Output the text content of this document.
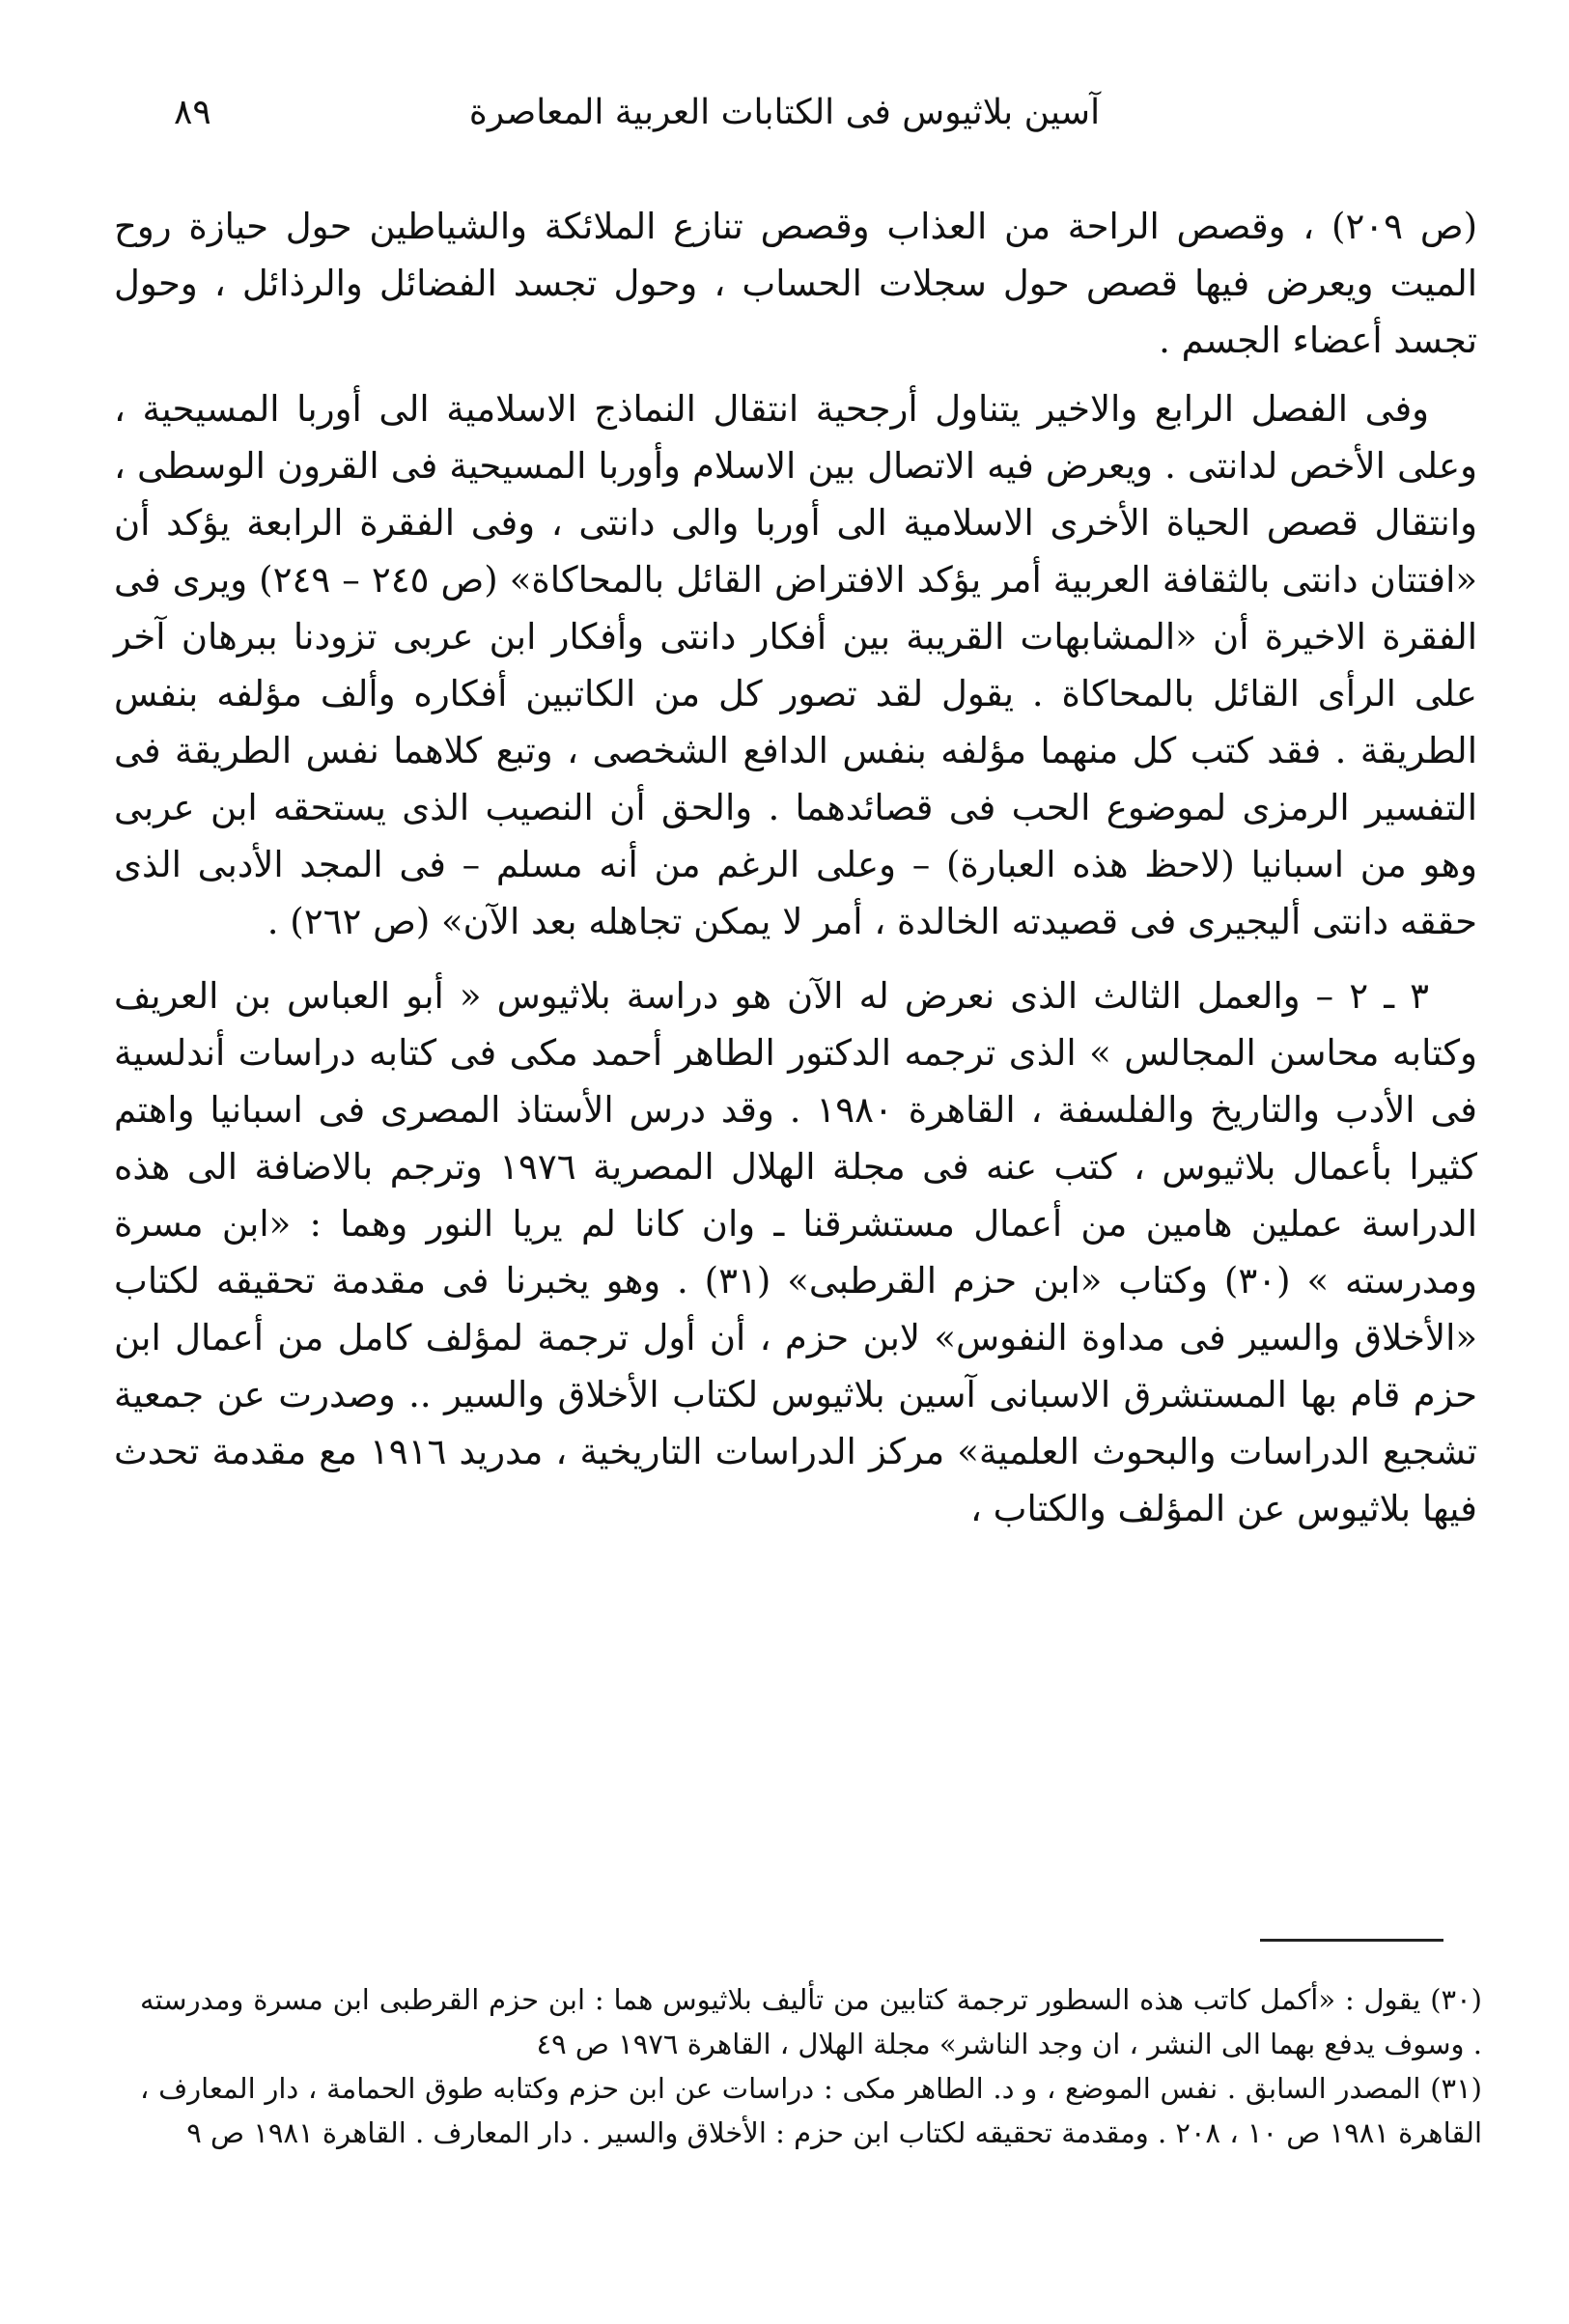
آسين بلاثيوس فى الكتابات العربية المعاصرة
٨٩

(ص ٢٠٩) ، وقصص الراحة من العذاب وقصص تنازع الملائكة والشياطين حول حيازة روح الميت ويعرض فيها قصص حول سجلات الحساب ، وحول تجسد الفضائل والرذائل ، وحول تجسد أعضاء الجسم .

وفى الفصل الرابع والاخير يتناول أرجحية انتقال النماذج الاسلامية الى أوربا المسيحية ، وعلى الأخص لدانتى . ويعرض فيه الاتصال بين الاسلام وأوربا المسيحية فى القرون الوسطى ، وانتقال قصص الحياة الأخرى الاسلامية الى أوربا والى دانتى ، وفى الفقرة الرابعة يؤكد أن «افتتان دانتى بالثقافة العربية أمر يؤكد الافتراض القائل بالمحاكاة» (ص ٢٤٥ – ٢٤٩) ويرى فى الفقرة الاخيرة أن «المشابهات القريبة بين أفكار دانتى وأفكار ابن عربى تزودنا ببرهان آخر على الرأى القائل بالمحاكاة . يقول لقد تصور كل من الكاتبين أفكاره وألف مؤلفه بنفس الطريقة . فقد كتب كل منهما مؤلفه بنفس الدافع الشخصى ، وتبع كلاهما نفس الطريقة فى التفسير الرمزى لموضوع الحب فى قصائدهما . والحق أن النصيب الذى يستحقه ابن عربى وهو من اسبانيا (لاحظ هذه العبارة) – وعلى الرغم من أنه مسلم – فى المجد الأدبى الذى حققه دانتى أليجيرى فى قصيدته الخالدة ، أمر لا يمكن تجاهله بعد الآن» (ص ٢٦٢) .

٣ ـ ٢ – والعمل الثالث الذى نعرض له الآن هو دراسة بلاثيوس « أبو العباس بن العريف وكتابه محاسن المجالس » الذى ترجمه الدكتور الطاهر أحمد مكى فى كتابه دراسات أندلسية فى الأدب والتاريخ والفلسفة ، القاهرة ١٩٨٠ . وقد درس الأستاذ المصرى فى اسبانيا واهتم كثيرا بأعمال بلاثيوس ، كتب عنه فى مجلة الهلال المصرية ١٩٧٦ وترجم بالاضافة الى هذه الدراسة عملين هامين من أعمال مستشرقنا ـ وان كانا لم يريا النور وهما : «ابن مسرة ومدرسته » (٣٠) وكتاب «ابن حزم القرطبى» (٣١) . وهو يخبرنا فى مقدمة تحقيقه لكتاب «الأخلاق والسير فى مداوة النفوس» لابن حزم ، أن أول ترجمة لمؤلف كامل من أعمال ابن حزم قام بها المستشرق الاسبانى آسين بلاثيوس لكتاب الأخلاق والسير .. وصدرت عن جمعية تشجيع الدراسات والبحوث العلمية» مركز الدراسات التاريخية ، مدريد ١٩١٦ مع مقدمة تحدث فيها بلاثيوس عن المؤلف والكتاب ،

(٣٠) يقول : «أكمل كاتب هذه السطور ترجمة كتابين من تأليف بلاثيوس هما : ابن حزم القرطبى ابن مسرة ومدرسته . وسوف يدفع بهما الى النشر ، ان وجد الناشر» مجلة الهلال ، القاهرة ١٩٧٦ ص ٤٩

(٣١) المصدر السابق . نفس الموضع ، و د. الطاهر مكى : دراسات عن ابن حزم وكتابه طوق الحمامة ، دار المعارف ، القاهرة ١٩٨١ ص ١٠ ، ٢٠٨ . ومقدمة تحقيقه لكتاب ابن حزم : الأخلاق والسير . دار المعارف . القاهرة ١٩٨١ ص ٩
